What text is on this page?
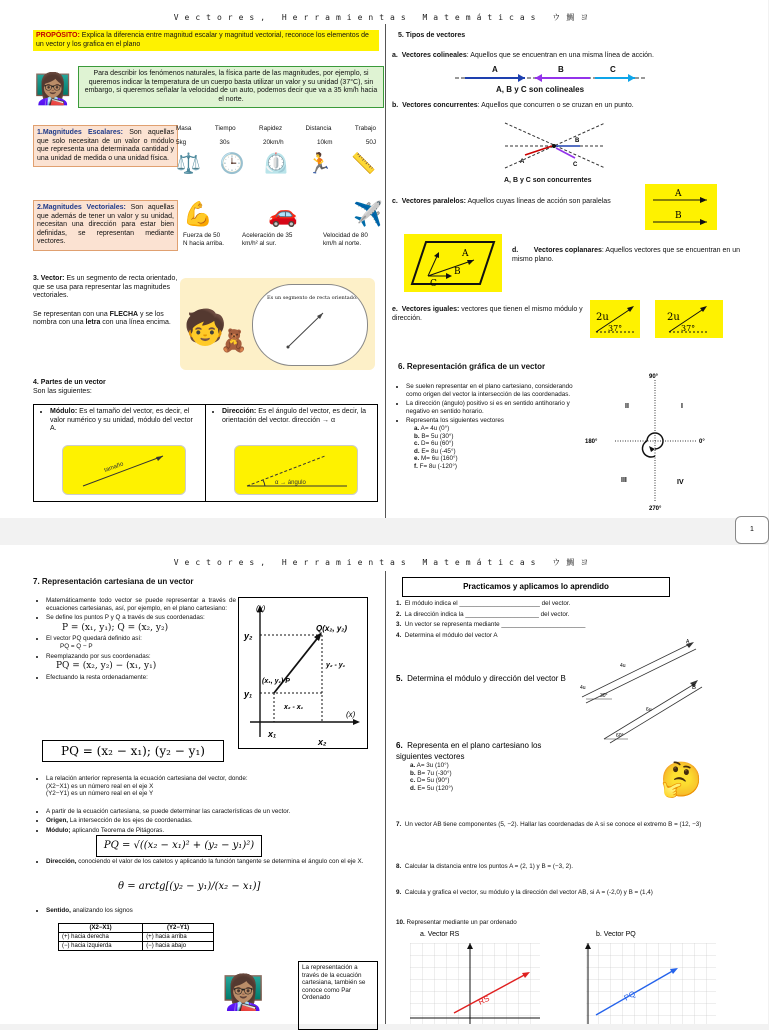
Vectores, Herramientas Matemáticas ウ鯛ヨ
PROPÓSITO: Explica la diferencia entre magnitud escalar y magnitud vectorial, reconoce los elementos de un vector y los grafica en el plano
👩🏽‍🏫	Para describir los fenómenos naturales, la física parte de las magnitudes, por ejemplo, si queremos indicar la temperatura de un cuerpo basta utilizar un valor y su unidad (37°C), sin embargo, si queremos señalar la velocidad de un auto, podemos decir que va a 35 km/h hacia el norte.
1.Magnitudes Escalares: Son aquellas que solo necesitan de un valor o módulo que representa una determinada cantidad y una unidad de medida o una unidad física.
Masa	Tiempo	Rapidez	Distancia	Trabajo
5kg	30s	20km/h	10km	50J
⚖️ 🕒 ⏲️ 🏃 📏
2.Magnitudes Vectoriales: Son aquellas que además de tener un valor y su unidad, necesitan una dirección para estar bien definidas, se representan mediante vectores.
💪 🚗 ✈️
Fuerza de 50 N hacia arriba.
Aceleración de 35 km/h² al sur.
Velocidad de 80 km/h al norte.
3. Vector: Es un segmento de recta orientado, que se usa para representar las magnitudes vectoriales.
Se representan con una FLECHA y se los nombra con una letra con una línea encima. 🧒
🧸
Es un segmento de recta orientado.
4. Partes de un vector
Son las siguientes:
• Módulo: Es el tamaño del vector, es decir, el valor numérico y su unidad, módulo del vector A.
• Dirección: Es el ángulo del vector, es decir, la orientación del vector. dirección → α
tamaño
α → ángulo
5. Tipos de vectores
a. Vectores colineales: Aquellos que se encuentran en una misma línea de acción.
A	B	C
A, B y C son colineales
b. Vectores concurrentes: Aquellos que concurren o se cruzan en un punto.
A
B
C
A, B y C son concurrentes
c. Vectores paralelos: Aquellos cuyas líneas de acción son paralelas
A
B
A
B
C
d. Vectores coplanares: Aquellos vectores que se encuentran en un mismo plano.
e. Vectores iguales: vectores que tienen el mismo módulo y dirección.	2u
37°
2u
37°
6. Representación gráfica de un vector
• Se suelen representar en el plano cartesiano, considerando como origen del vector la intersección de las coordenadas.
• La dirección (ángulo) positivo si es en sentido antihorario y negativo en sentido horario.
• Representa los siguientes vectores
a. A= 4u (0°)
b. B= 5u (30°)
c. D= 6u (60°)
d. E= 8u (-45°)
e. M= 6u (160°)
f. F= 8u (-120°)
90°
180°	0°
270°
II	I
III	IV
1
Vectores, Herramientas Matemáticas ウ鯛ヨ
7. Representación cartesiana de un vector
• Matemáticamente todo vector se puede representar a través de ecuaciones cartesianas, así, por ejemplo, en el plano cartesiano:
• Se define los puntos P y Q a través de sus coordenadas:
P = (x₁, y₁); Q = (x₂, y₂)
• El vector PQ quedará definido así:
PQ = Q − P
• Reemplazando por sus coordenadas:
PQ = (x₂, y₂) − (x₁, y₁)
• Efectuando la resta ordenadamente:
PQ = (x₂ − x₁); (y₂ − y₁)
(y)
(x)
y₂
y₁
x₁
x₂
Q(x₂, y₂)
(x₁, y₁) P
y₂ - y₁
x₂ - x₁
• La relación anterior representa la ecuación cartesiana del vector, donde:
(X2−X1) es un número real en el eje X
(Y2−Y1) es un número real en el eje Y
• A partir de la ecuación cartesiana, se puede determinar las características de un vector.
• Origen, La intersección de los ejes de coordenadas.
• Módulo; aplicando Teorema de Pitágoras.
PQ = √((x₂ − x₁)² + (y₂ − y₁)²)
• Dirección, conociendo el valor de los catetos y aplicando la función tangente se determina el ángulo con el eje X.
θ = arctg[(y₂ − y₁)/(x₂ − x₁)]
• Sentido, analizando los signos
(X2−X1)	(Y2−Y1)
(+) hacia derecha	(+) hacia arriba
(−) hacia izquierda	(−) hacia abajo
👩🏽‍🏫
La representación a través de la ecuación cartesiana, también se conoce como Par Ordenado
Practicamos y aplicamos lo aprendido
1. El módulo indica el _______________________ del vector.
2. La dirección indica la _____________________ del vector.
3. Un vector se representa mediante ________________________
4. Determina el módulo del vector A
4u
4u
30°
A
5. Determina el módulo y dirección del vector B
6u
60°
B
6. Representa en el plano cartesiano los siguientes vectores
a. A= 3u (10°)
b. B= 7u (-30°)
c. D= 5u (90°)
d. E= 5u (120°)	🤔
7. Un vector AB tiene componentes (5, −2). Hallar las coordenadas de A si se conoce el extremo B = (12, −3)
8. Calcular la distancia entre los puntos A = (2, 1) y B = (−3, 2).
9. Calcula y grafica el vector, su módulo y la dirección del vector AB, si A = (-2,0) y B = (1,4)
10. Representar mediante un par ordenado
a. Vector RS	b. Vector PQ
RS	PQ
